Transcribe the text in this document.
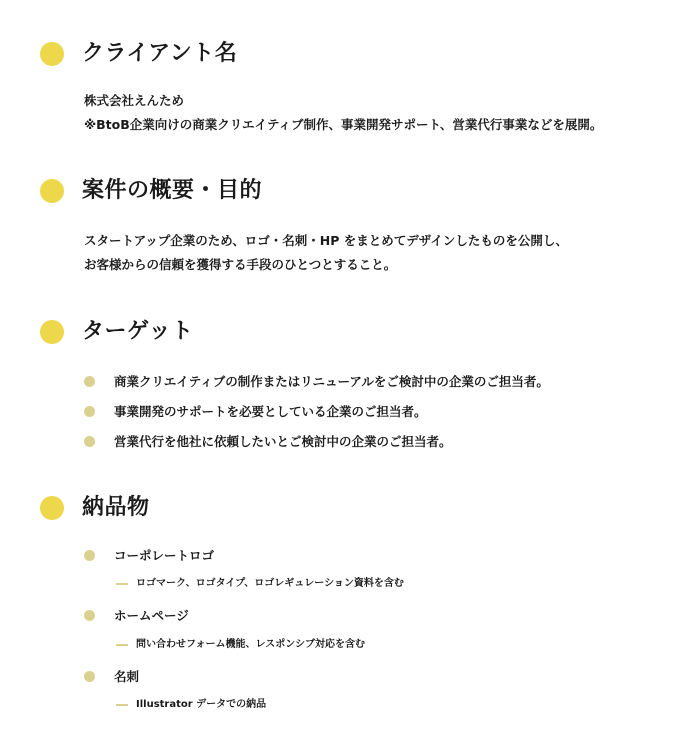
クライアント名
株式会社えんため
※BtoB企業向けの商業クリエイティブ制作、事業開発サポート、営業代行事業などを展開。
案件の概要・目的
スタートアップ企業のため、ロゴ・名刺・HP をまとめてデザインしたものを公開し、
お客様からの信頼を獲得する手段のひとつとすること。
ターゲット
商業クリエイティブの制作またはリニューアルをご検討中の企業のご担当者。
事業開発のサポートを必要としている企業のご担当者。
営業代行を他社に依頼したいとご検討中の企業のご担当者。
納品物
コーポレートロゴ
ロゴマーク、ロゴタイプ、ロゴレギュレーション資料を含む
ホームページ
問い合わせフォーム機能、レスポンシブ対応を含む
名刺
Illustrator データでの納品
